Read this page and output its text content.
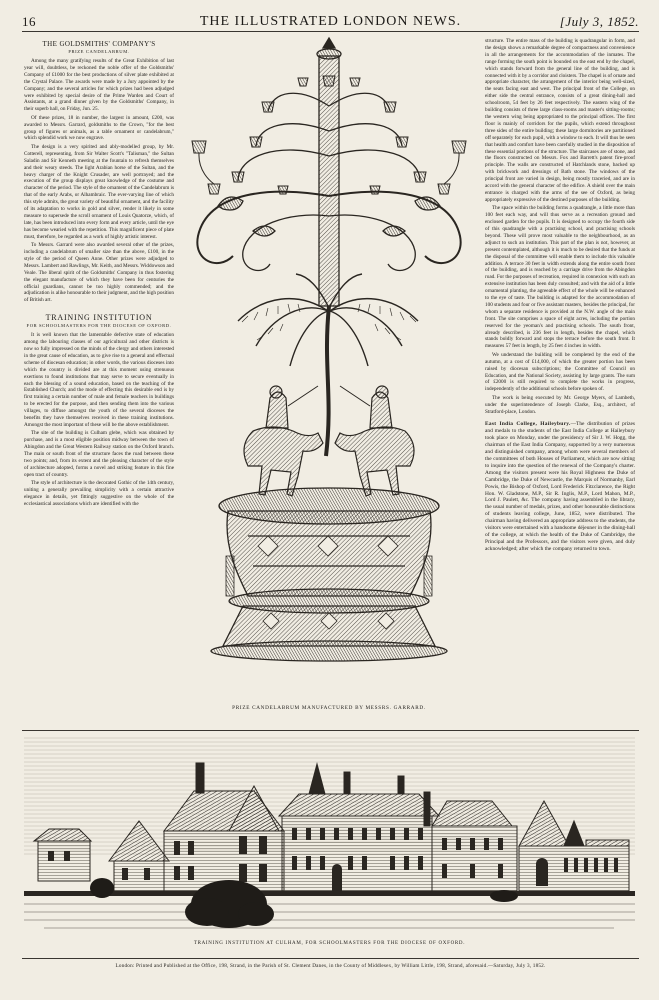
16	THE ILLUSTRATED LONDON NEWS.	[July 3, 1852.
THE GOLDSMITHS' COMPANY'S
PRIZE CANDELABRUM.

Among the many gratifying results of the Great Exhibition of last year will, doubtless, be reckoned the noble offer of the Goldsmiths' Company of £1000 for the best productions of silver plate exhibited at the Crystal Palace. The awards were made by a Jury appointed by the Company; and the several articles for which prizes had been adjudged were exhibited by special desire of the Prime Warden and Court of Assistants, at a grand dinner given by the Goldsmiths' Company, in their superb hall, on Friday, Jun. 25.

Of these prizes, 18 in number, the largest in amount, £200, was awarded to Messrs. Garrard, goldsmiths to the Crown, "for the best group of figures or animals, as a table ornament or candelabrum," which splendid work we now engrave.

The design is a very spirited and ably-modelled group, by Mr. Cotterell, representing, from Sir Walter Scott's "Talisman," the Sultan Saladin and Sir Kenneth meeting at the fountain to refresh themselves and their weary steeds. The light Arabian horse of the Sultan, and the heavy charger of the Knight Crusader, are well portrayed; and the execution of the group displays great knowledge of the costume and character of the period. The style of the ornament of the Candelabrum is that of the early Arabs, or Alhambraic. The ever-varying line of which this style admits, the great variety of beautiful ornament, and the facility of its adaptation to works in gold and silver, render it likely in some measure to supersede the scroll ornament of Louis Quatorze, which, of late, has been introduced into every form and every article, until the eye has become wearied with the repetition. This magnificent piece of plate must, therefore, be regarded as a work of highly artistic interest.

To Messrs. Garrard were also awarded several other of the prizes, including a candelabrum of smaller size than the above, £100, in the style of the period of Queen Anne. Other prizes were adjudged to Messrs. Lambert and Rawlings, Mr. Keith, and Messrs. Widdowson and Veale. The liberal spirit of the Goldsmiths' Company in thus fostering the elegant manufacture of which they have been for centuries the official guardians, cannot be too highly commended; and the adjudication is alike honourable to their judgment, and the high position of British art.

TRAINING INSTITUTION
FOR SCHOOLMASTERS FOR THE DIOCESE OF OXFORD.

It is well known that the lamentable defective state of education among the labouring classes of our agricultural and other districts is now so fully impressed on the minds of the clergy and others interested in the great cause of education, as to give rise to a general and effectual scheme of diocesan education; in other words, the various dioceses into which the country is divided are at this moment using strenuous exertions to found institutions that may serve to secure eventually in each the blessing of a sound education, based on the teaching of the Established Church; and the mode of effecting this desirable end is by first training a certain number of male and female teachers in buildings to be erected for the purpose, and then sending them into the various villages, to diffuse amongst the youth of the several dioceses the benefits they have themselves received in these training institutions. Amongst the most important of these will be the above establishment.

The site of the building is Culham glebe, which was obtained by purchase, and is a most eligible position midway between the town of Abingdon and the Great Western Railway station on the Oxford branch. The main or south front of the structure faces the road between these two points; and, from its extent and the pleasing character of the style of architecture adopted, forms a novel and striking feature in this fine open tract of country.

The style of architecture is the decorated Gothic of the 14th century, uniting a generally prevailing simplicity with a certain attractive elegance in details, yet fittingly suggestive on the whole of the ecclesiastical associations which are identified with the

structure. The entire mass of the building is quadrangular in form, and the design shows a remarkable degree of compactness and convenience in all the arrangements for the accommodation of the inmates. The range forming the south point is bounded on the east end by the chapel, which stands forward from the general line of the building, and is connected with it by a corridor and cloisters. The chapel is of ornate and appropriate character, the arrangement of the interior being well-sized, the seats facing east and west. The principal front of the College, on either side the central entrance, consists of a great dining-hall and schoolroom, 54 feet by 26 feet respectively. The eastern wing of the building consists of three large class-rooms and master's sitting-rooms; the western wing being appropriated to the principal offices. The first floor is mainly of corridors for the pupils, which extend throughout three sides of the entire building; these large dormitories are partitioned off separately for each pupil, with a window to each. It will thus be seen that health and comfort have been carefully studied in the disposition of these essential portions of the structure. The staircases are of stone, and the floors constructed on Messrs. Fox and Barrett's patent fire-proof principle. The walls are constructed of Hatchlands stone, backed up with brickwork and dressings of Bath stone. The windows of the principal front are varied in design, being mostly traceried, and are in accord with the general character of the edifice. A shield over the main entrance is charged with the arms of the see of Oxford, as being appropriately expressive of the destined purposes of the building.

The space within the building forms a quadrangle, a little more than 100 feet each way, and will thus serve as a recreation ground and enclosed garden for the pupils. It is designed to occupy the fourth side of this quadrangle with a practising school, and practising schools beyond. These will prove most valuable to the neighbourhood, as an adjunct to such an institution. This part of the plan is not, however, at present contemplated, although it is much to be desired that the funds at the disposal of the committee will enable them to include this valuable addition. A terrace 30 feet in width extends along the entire south front of the building, and is reached by a carriage drive from the Abingdon road. For the purposes of recreation, required in connexion with such an extensive institution has been duly consulted; and with the aid of a little ornamental planting, the agreeable effect of the whole will be enhanced to the eye of taste. The building is adapted for the accommodation of 100 students and four or five assistant masters, besides the principal, for whom a separate residence is provided at the N.W. angle of the main front. The site comprises a space of eight acres, including the portion reserved for the yeoman's and practising schools. The south front, already described, is 236 feet in length, besides the chapel, which stands boldly forward and stops the terrace before the south front. It measures 57 feet in length, by 25 feet 4 inches in width.

We understand the building will be completed by the end of the autumn, at a cost of £14,000, of which the greater portion has been raised by diocesan subscriptions; the Committee of Council on Education, and the National Society, assisting by large grants. The sum of £2000 is still required to complete the works in progress, independently of the additional schools before spoken of.

The work is being executed by Mr. George Myers, of Lambeth, under the superintendence of Joseph Clarke, Esq., architect, of Stratford-place, London.

East India College, Haileybury.—The distribution of prizes and medals to the students of the East India College at Haileybury took place on Monday, under the presidency of Sir J. W. Hogg, the chairman of the East India Company, supported by a very numerous and distinguished company, among whom were several members of the committees of both Houses of Parliament, which are now sitting to inquire into the question of the renewal of the Company's charter. Among the visitors present were his Royal Highness the Duke of Cambridge, the Duke of Newcastle, the Marquis of Normanby, Earl Powis, the Bishop of Oxford, Lord Frederick Fitzclarence, the Right Hon. W. Gladstone, M.P., Sir R. Inglis, M.P., Lord Mahon, M.P., Lord J. Paulett, &c. The company having assembled in the library, the usual number of medals, prizes, and other honourable distinctions of students leaving college, June, 1852, were distributed. The chairman having delivered an appropriate address to the students, the visitors were entertained with a handsome déjeuner in the dining-hall of the college, at which the health of the Duke of Cambridge, the Principal and the Professors, and the visitors were given, and duly acknowledged; after which the company returned to town.

PRIZE CANDELABRUM MANUFACTURED BY MESSRS. GARRARD.
TRAINING INSTITUTION AT CULHAM, FOR SCHOOLMASTERS FOR THE DIOCESE OF OXFORD.
London: Printed and Published at the Office, 198, Strand, in the Parish of St. Clement Danes, in the County of Middlesex, by William Little, 198, Strand, aforesaid.—Saturday, July 3, 1852.
